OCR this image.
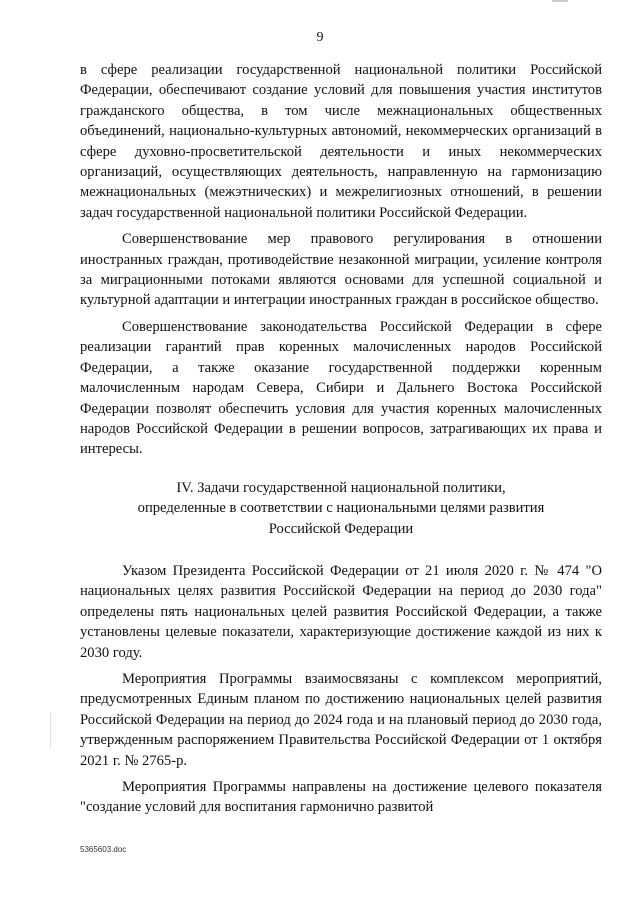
9

в сфере реализации государственной национальной политики Российской Федерации, обеспечивают создание условий для повышения участия институтов гражданского общества, в том числе межнациональных общественных объединений, национально-культурных автономий, некоммерческих организаций в сфере духовно-просветительской деятельности и иных некоммерческих организаций, осуществляющих деятельность, направленную на гармонизацию межнациональных (межэтнических) и межрелигиозных отношений, в решении задач государственной национальной политики Российской Федерации.

Совершенствование мер правового регулирования в отношении иностранных граждан, противодействие незаконной миграции, усиление контроля за миграционными потоками являются основами для успешной социальной и культурной адаптации и интеграции иностранных граждан в российское общество.

Совершенствование законодательства Российской Федерации в сфере реализации гарантий прав коренных малочисленных народов Российской Федерации, а также оказание государственной поддержки коренным малочисленным народам Севера, Сибири и Дальнего Востока Российской Федерации позволят обеспечить условия для участия коренных малочисленных народов Российской Федерации в решении вопросов, затрагивающих их права и интересы.

IV. Задачи государственной национальной политики,
определенные в соответствии с национальными целями развития
Российской Федерации

Указом Президента Российской Федерации от 21 июля 2020 г. № 474 "О национальных целях развития Российской Федерации на период до 2030 года" определены пять национальных целей развития Российской Федерации, а также установлены целевые показатели, характеризующие достижение каждой из них к 2030 году.

Мероприятия Программы взаимосвязаны с комплексом мероприятий, предусмотренных Единым планом по достижению национальных целей развития Российской Федерации на период до 2024 года и на плановый период до 2030 года, утвержденным распоряжением Правительства Российской Федерации от 1 октября 2021 г. № 2765-р.

Мероприятия Программы направлены на достижение целевого показателя "создание условий для воспитания гармонично развитой

5365603.doc
